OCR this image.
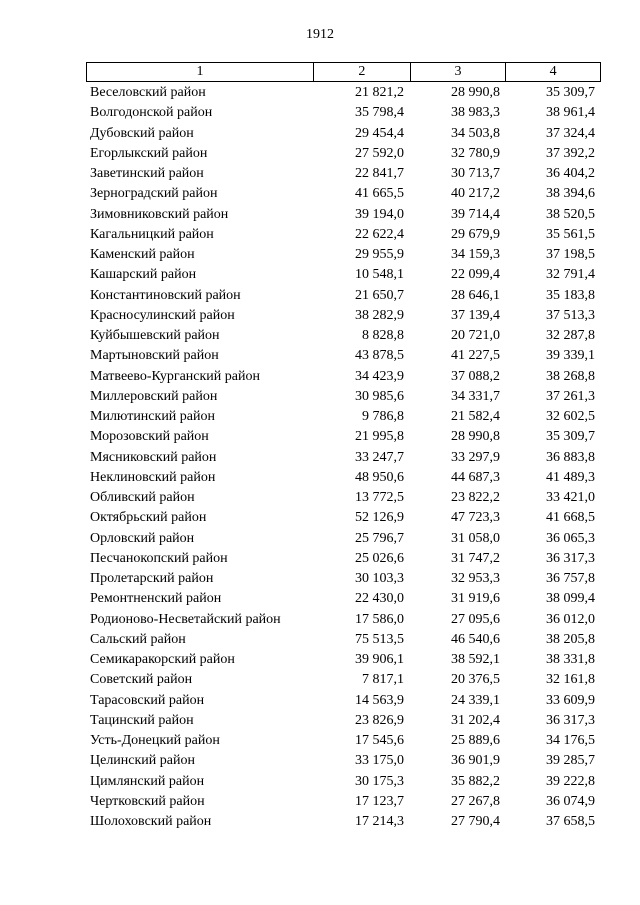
1912
1	2	3	4
Веселовский район	21 821,2	28 990,8	35 309,7
Волгодонской район	35 798,4	38 983,3	38 961,4
Дубовский район	29 454,4	34 503,8	37 324,4
Егорлыкский район	27 592,0	32 780,9	37 392,2
Заветинский район	22 841,7	30 713,7	36 404,2
Зерноградский район	41 665,5	40 217,2	38 394,6
Зимовниковский район	39 194,0	39 714,4	38 520,5
Кагальницкий район	22 622,4	29 679,9	35 561,5
Каменский район	29 955,9	34 159,3	37 198,5
Кашарский район	10 548,1	22 099,4	32 791,4
Константиновский район	21 650,7	28 646,1	35 183,8
Красносулинский район	38 282,9	37 139,4	37 513,3
Куйбышевский район	8 828,8	20 721,0	32 287,8
Мартыновский район	43 878,5	41 227,5	39 339,1
Матвеево-Курганский район	34 423,9	37 088,2	38 268,8
Миллеровский район	30 985,6	34 331,7	37 261,3
Милютинский район	9 786,8	21 582,4	32 602,5
Морозовский район	21 995,8	28 990,8	35 309,7
Мясниковский район	33 247,7	33 297,9	36 883,8
Неклиновский район	48 950,6	44 687,3	41 489,3
Обливский район	13 772,5	23 822,2	33 421,0
Октябрьский район	52 126,9	47 723,3	41 668,5
Орловский район	25 796,7	31 058,0	36 065,3
Песчанокопский район	25 026,6	31 747,2	36 317,3
Пролетарский район	30 103,3	32 953,3	36 757,8
Ремонтненский район	22 430,0	31 919,6	38 099,4
Родионово-Несветайский район	17 586,0	27 095,6	36 012,0
Сальский район	75 513,5	46 540,6	38 205,8
Семикаракорский район	39 906,1	38 592,1	38 331,8
Советский район	7 817,1	20 376,5	32 161,8
Тарасовский район	14 563,9	24 339,1	33 609,9
Тацинский район	23 826,9	31 202,4	36 317,3
Усть-Донецкий район	17 545,6	25 889,6	34 176,5
Целинский район	33 175,0	36 901,9	39 285,7
Цимлянский район	30 175,3	35 882,2	39 222,8
Чертковский район	17 123,7	27 267,8	36 074,9
Шолоховский район	17 214,3	27 790,4	37 658,5
